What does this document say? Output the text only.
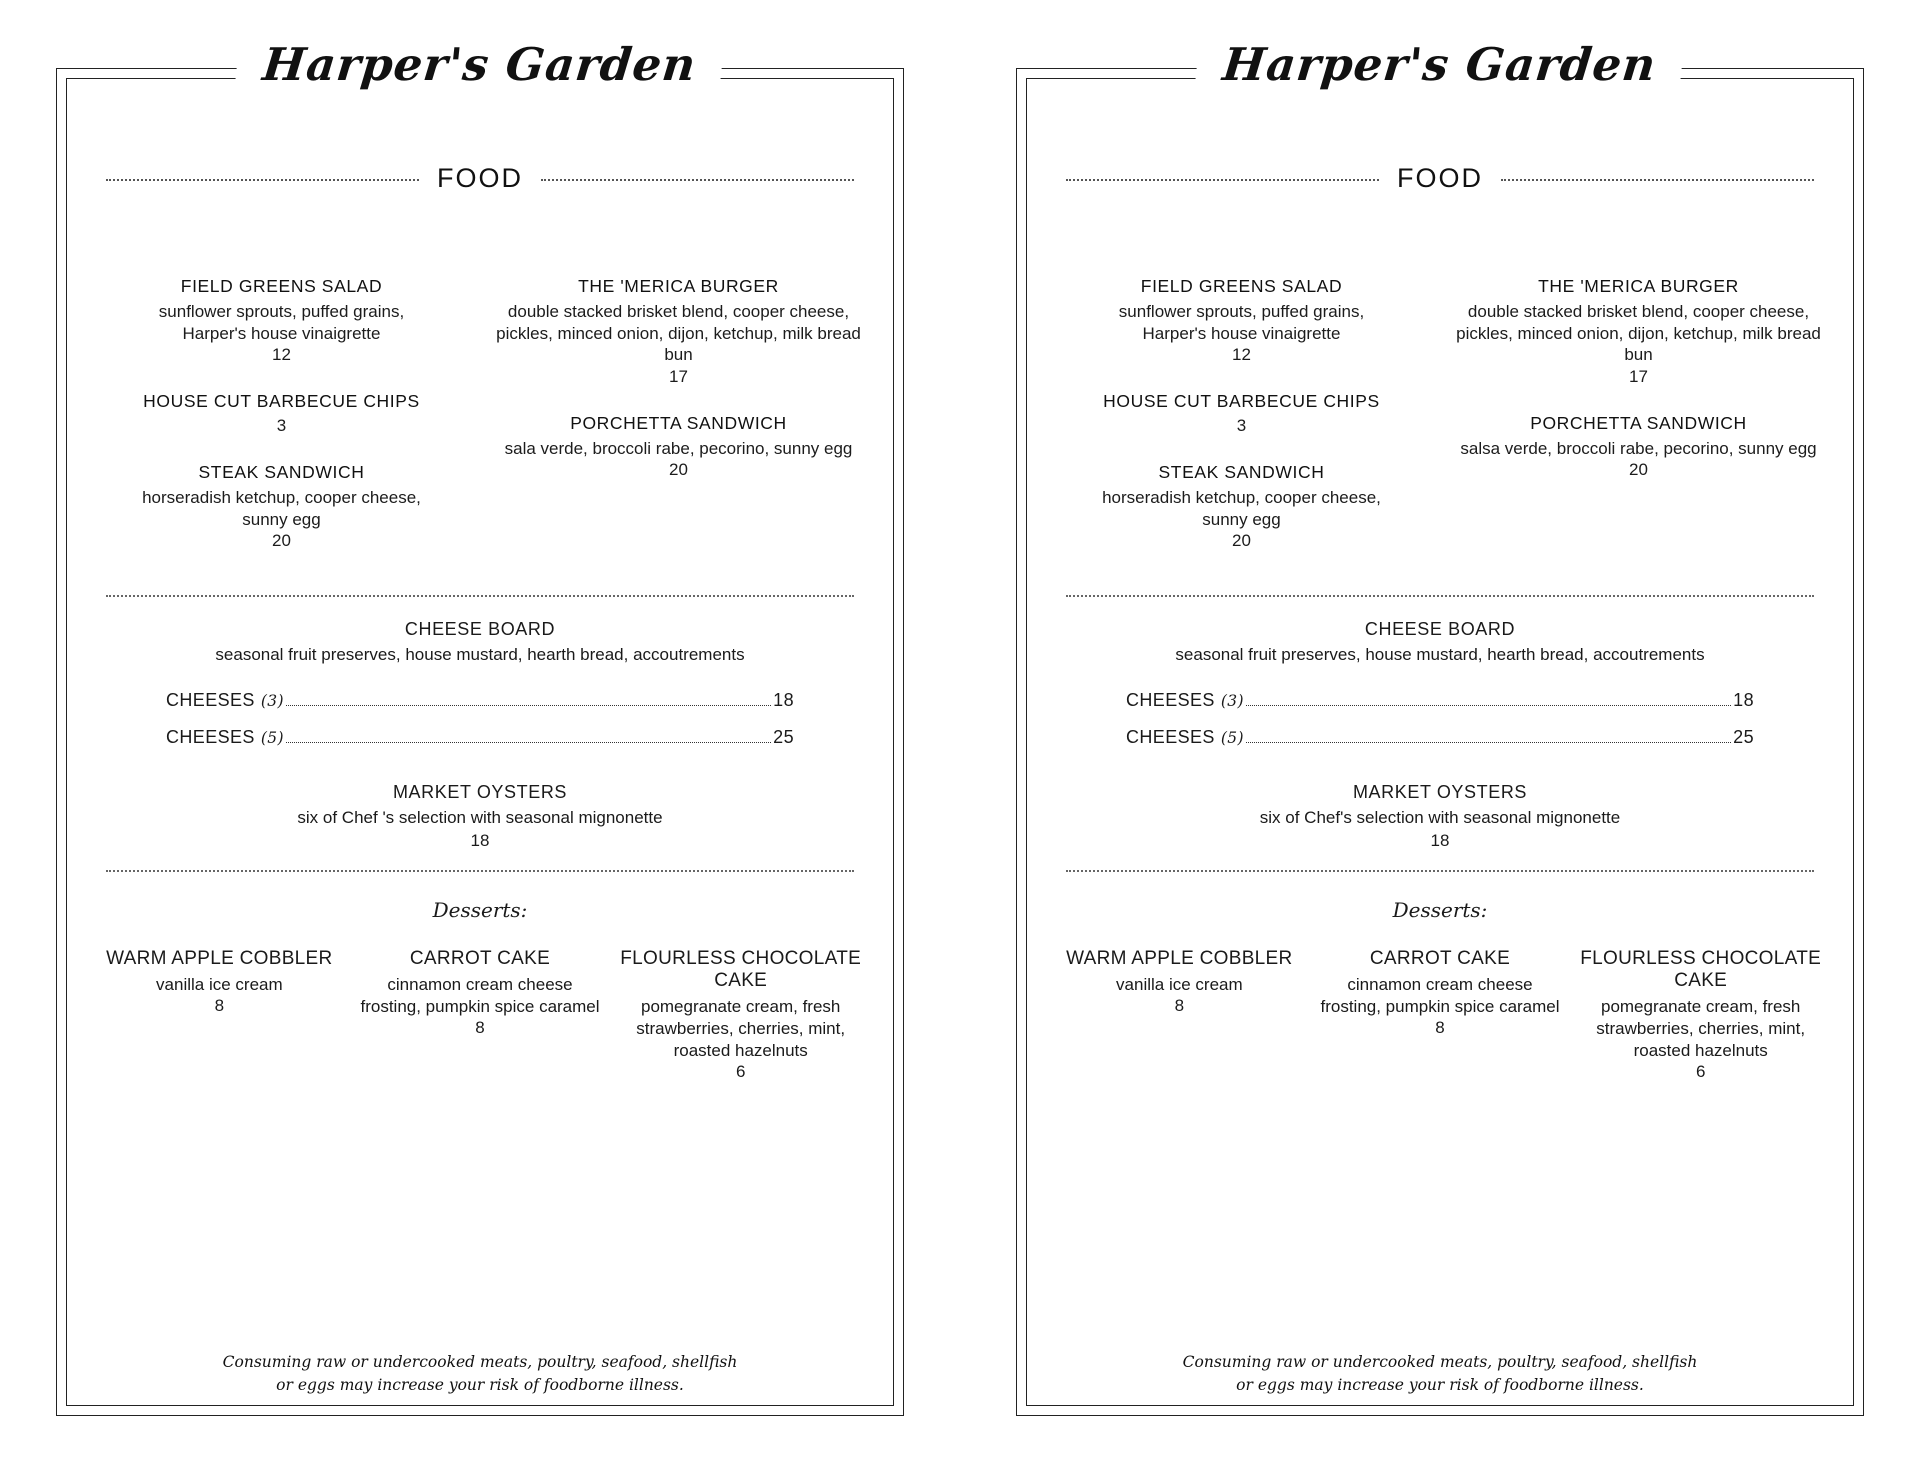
Harper's Garden
FOOD
FIELD GREENS SALAD
sunflower sprouts, puffed grains, Harper's house vinaigrette
12
HOUSE CUT BARBECUE CHIPS
3
STEAK SANDWICH
horseradish ketchup, cooper cheese, sunny egg
20
THE 'MERICA BURGER
double stacked brisket blend, cooper cheese, pickles, minced onion, dijon, ketchup, milk bread bun
17
PORCHETTA SANDWICH
sala verde, broccoli rabe, pecorino, sunny egg
20
CHEESE BOARD
seasonal fruit preserves, house mustard, hearth bread, accoutrements
CHEESES (3)	18
CHEESES (5)	25
MARKET OYSTERS
six of Chef 's selection with seasonal mignonette
18
Desserts:
WARM APPLE COBBLER
vanilla ice cream
8
CARROT CAKE
cinnamon cream cheese frosting, pumpkin spice caramel
8
FLOURLESS CHOCOLATE CAKE
pomegranate cream, fresh strawberries, cherries, mint, roasted hazelnuts
6
Consuming raw or undercooked meats, poultry, seafood, shellfish
or eggs may increase your risk of foodborne illness.
Harper's Garden
FOOD
FIELD GREENS SALAD
sunflower sprouts, puffed grains, Harper's house vinaigrette
12
HOUSE CUT BARBECUE CHIPS
3
STEAK SANDWICH
horseradish ketchup, cooper cheese, sunny egg
20
THE 'MERICA BURGER
double stacked brisket blend, cooper cheese, pickles, minced onion, dijon, ketchup, milk bread bun
17
PORCHETTA SANDWICH
salsa verde, broccoli rabe, pecorino, sunny egg
20
CHEESE BOARD
seasonal fruit preserves, house mustard, hearth bread, accoutrements
CHEESES (3)	18
CHEESES (5)	25
MARKET OYSTERS
six of Chef's selection with seasonal mignonette
18
Desserts:
WARM APPLE COBBLER
vanilla ice cream
8
CARROT CAKE
cinnamon cream cheese frosting, pumpkin spice caramel
8
FLOURLESS CHOCOLATE CAKE
pomegranate cream, fresh strawberries, cherries, mint, roasted hazelnuts
6
Consuming raw or undercooked meats, poultry, seafood, shellfish
or eggs may increase your risk of foodborne illness.
